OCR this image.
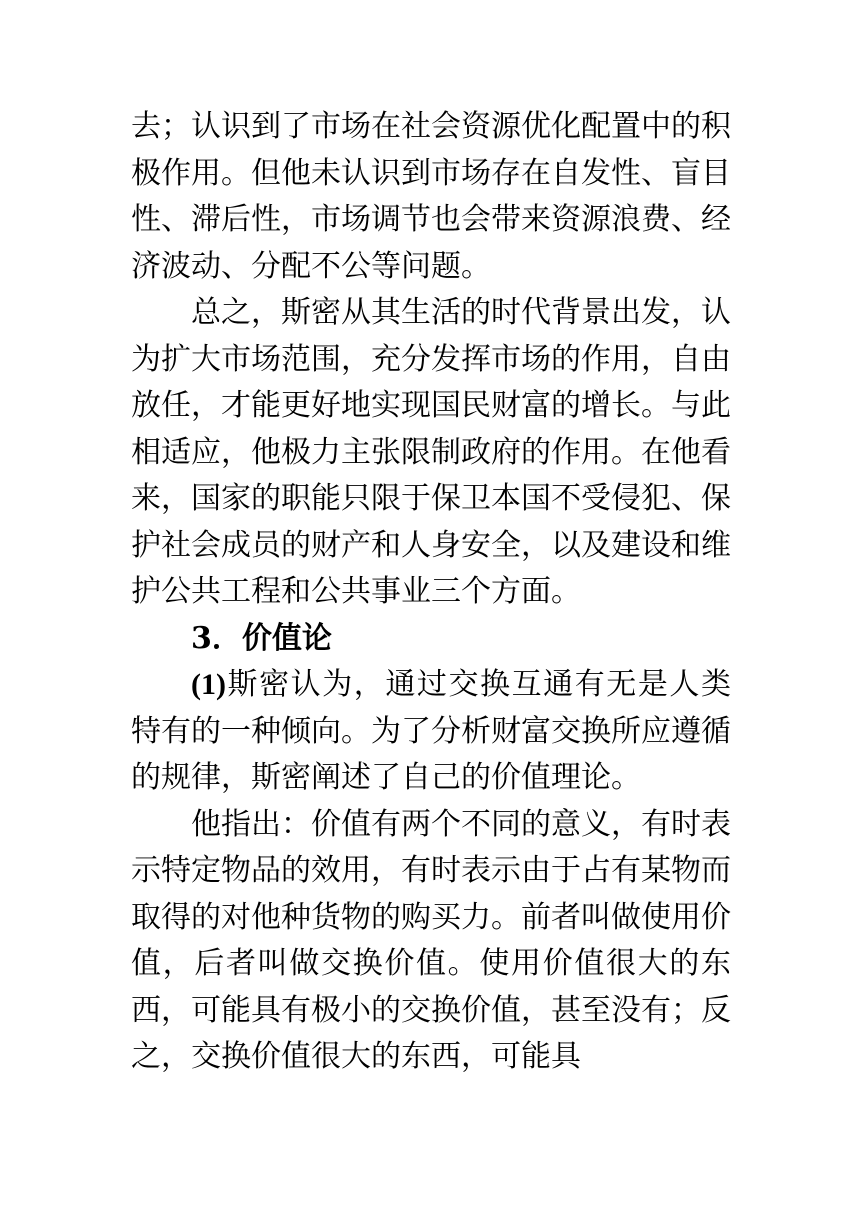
去；认识到了市场在社会资源优化配置中的积极作用。但他未认识到市场存在自发性、盲目性、滞后性，市场调节也会带来资源浪费、经济波动、分配不公等问题。

总之，斯密从其生活的时代背景出发，认为扩大市场范围，充分发挥市场的作用，自由放任，才能更好地实现国民财富的增长。与此相适应，他极力主张限制政府的作用。在他看来，国家的职能只限于保卫本国不受侵犯、保护社会成员的财产和人身安全，以及建设和维护公共工程和公共事业三个方面。

3．价值论

(1)斯密认为，通过交换互通有无是人类特有的一种倾向。为了分析财富交换所应遵循的规律，斯密阐述了自己的价值理论。

他指出：价值有两个不同的意义，有时表示特定物品的效用，有时表示由于占有某物而取得的对他种货物的购买力。前者叫做使用价值，后者叫做交换价值。使用价值很大的东西，可能具有极小的交换价值，甚至没有；反之，交换价值很大的东西，可能具
